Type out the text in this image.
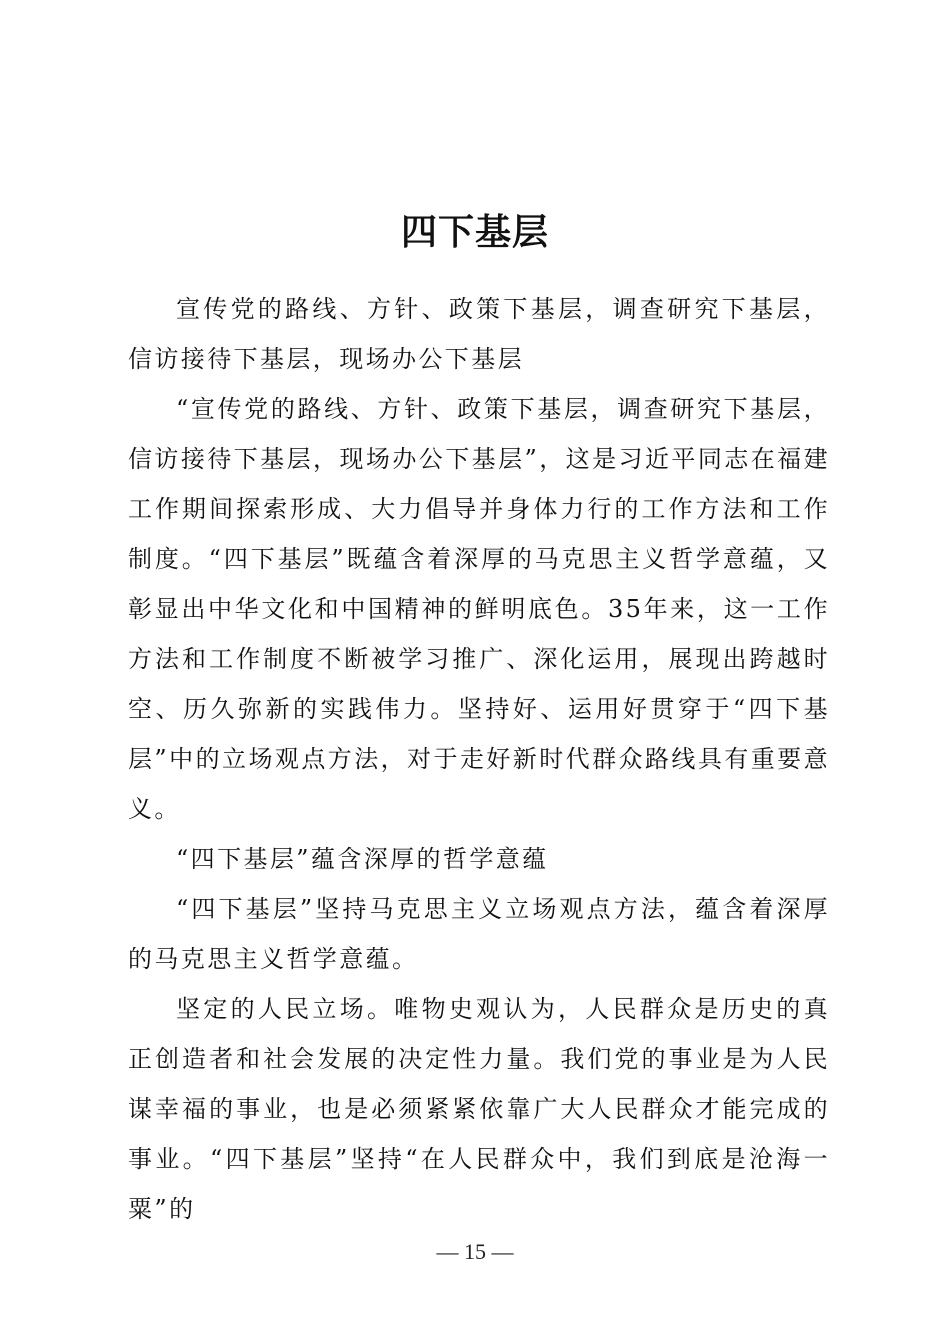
四下基层

宣传党的路线、方针、政策下基层，调查研究下基层，信访接待下基层，现场办公下基层

“宣传党的路线、方针、政策下基层，调查研究下基层，信访接待下基层，现场办公下基层”，这是习近平同志在福建工作期间探索形成、大力倡导并身体力行的工作方法和工作制度。“四下基层”既蕴含着深厚的马克思主义哲学意蕴，又彰显出中华文化和中国精神的鲜明底色。35年来，这一工作方法和工作制度不断被学习推广、深化运用，展现出跨越时空、历久弥新的实践伟力。坚持好、运用好贯穿于“四下基层”中的立场观点方法，对于走好新时代群众路线具有重要意义。

“四下基层”蕴含深厚的哲学意蕴

“四下基层”坚持马克思主义立场观点方法，蕴含着深厚的马克思主义哲学意蕴。

坚定的人民立场。唯物史观认为，人民群众是历史的真正创造者和社会发展的决定性力量。我们党的事业是为人民谋幸福的事业，也是必须紧紧依靠广大人民群众才能完成的事业。“四下基层”坚持“在人民群众中，我们到底是沧海一粟”的

— 15 —
